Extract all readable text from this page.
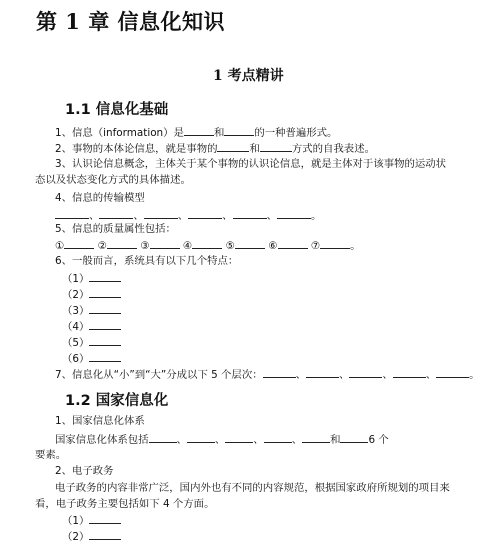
第 1 章 信息化知识
1 考点精讲
1.1 信息化基础
1、信息（information）是	和	的一种普遍形式。
2、事物的本体论信息，就是事物的	和	方式的自我表述。
3、认识论信息概念，主体关于某个事物的认识论信息，就是主体对于该事物的运动状
态以及状态变化方式的具体描述。
4、信息的传输模型
、	、	、	、	、	。
5、信息的质量属性包括：
①	②	③	④	⑤	⑥	⑦	。
6、一般而言，系统具有以下几个特点：
（1）
（2）
（3）
（4）
（5）
（6）
7、信息化从“小”到“大”分成以下 5 个层次：	、	、	、	、	。
1.2 国家信息化
1、国家信息化体系
国家信息化体系包括	、	、	、	、	和	6 个
要素。
2、电子政务
电子政务的内容非常广泛，国内外也有不同的内容规范，根据国家政府所规划的项目来
看，电子政务主要包括如下 4 个方面。
（1）
（2）
